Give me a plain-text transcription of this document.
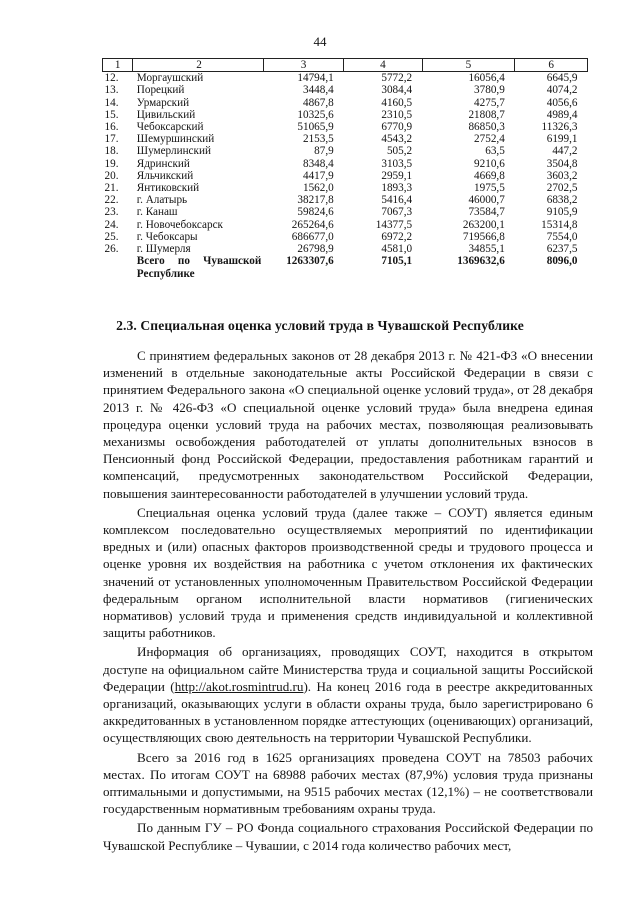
44
1	2	3	4	5	6
12.	Моргаушский	14794,1	5772,2	16056,4	6645,9
13.	Порецкий	3448,4	3084,4	3780,9	4074,2
14.	Урмарский	4867,8	4160,5	4275,7	4056,6
15.	Цивильский	10325,6	2310,5	21808,7	4989,4
16.	Чебоксарский	51065,9	6770,9	86850,3	11326,3
17.	Шемуршинский	2153,5	4543,2	2752,4	6199,1
18.	Шумерлинский	87,9	505,2	63,5	447,2
19.	Ядринский	8348,4	3103,5	9210,6	3504,8
20.	Яльчикский	4417,9	2959,1	4669,8	3603,2
21.	Янтиковский	1562,0	1893,3	1975,5	2702,5
22.	г. Алатырь	38217,8	5416,4	46000,7	6838,2
23.	г. Канаш	59824,6	7067,3	73584,7	9105,9
24.	г. Новочебоксарск	265264,6	14377,5	263200,1	15314,8
25.	г. Чебоксары	686677,0	6972,2	719566,8	7554,0
26.	г. Шумерля	26798,9	4581,0	34855,1	6237,5
	Всего по Чувашской Республике	1263307,6	7105,1	1369632,6	8096,0
2.3. Специальная оценка условий труда в Чувашской Республике

С принятием федеральных законов от 28 декабря 2013 г. № 421-ФЗ «О внесении изменений в отдельные законодательные акты Российской Федерации в связи с принятием Федерального закона «О специальной оценке условий труда», от 28 декабря 2013 г. № 426-ФЗ «О специальной оценке условий труда» была внедрена единая процедура оценки условий труда на рабочих местах, позволяющая реализовывать механизмы освобождения работодателей от уплаты дополнительных взносов в Пенсионный фонд Российской Федерации, предоставления работникам гарантий и компенсаций, предусмотренных законодательством Российской Федерации, повышения заинтересованности работодателей в улучшении условий труда.

Специальная оценка условий труда (далее также – СОУТ) является единым комплексом последовательно осуществляемых мероприятий по идентификации вредных и (или) опасных факторов производственной среды и трудового процесса и оценке уровня их воздействия на работника с учетом отклонения их фактических значений от установленных уполномоченным Правительством Российской Федерации федеральным органом исполнительной власти нормативов (гигиенических нормативов) условий труда и применения средств индивидуальной и коллективной защиты работников.

Информация об организациях, проводящих СОУТ, находится в открытом доступе на официальном сайте Министерства труда и социальной защиты Российской Федерации (http://akot.rosmintrud.ru). На конец 2016 года в реестре аккредитованных организаций, оказывающих услуги в области охраны труда, было зарегистрировано 6 аккредитованных в установленном порядке аттестующих (оценивающих) организаций, осуществляющих свою деятельность на территории Чувашской Республики.

Всего за 2016 год в 1625 организациях проведена СОУТ на 78503 рабочих местах. По итогам СОУТ на 68988 рабочих местах (87,9%) условия труда признаны оптимальными и допустимыми, на 9515 рабочих местах (12,1%) – не соответствовали государственным нормативным требованиям охраны труда.

По данным ГУ – РО Фонда социального страхования Российской Федерации по Чувашской Республике – Чувашии, с 2014 года количество рабочих мест,
